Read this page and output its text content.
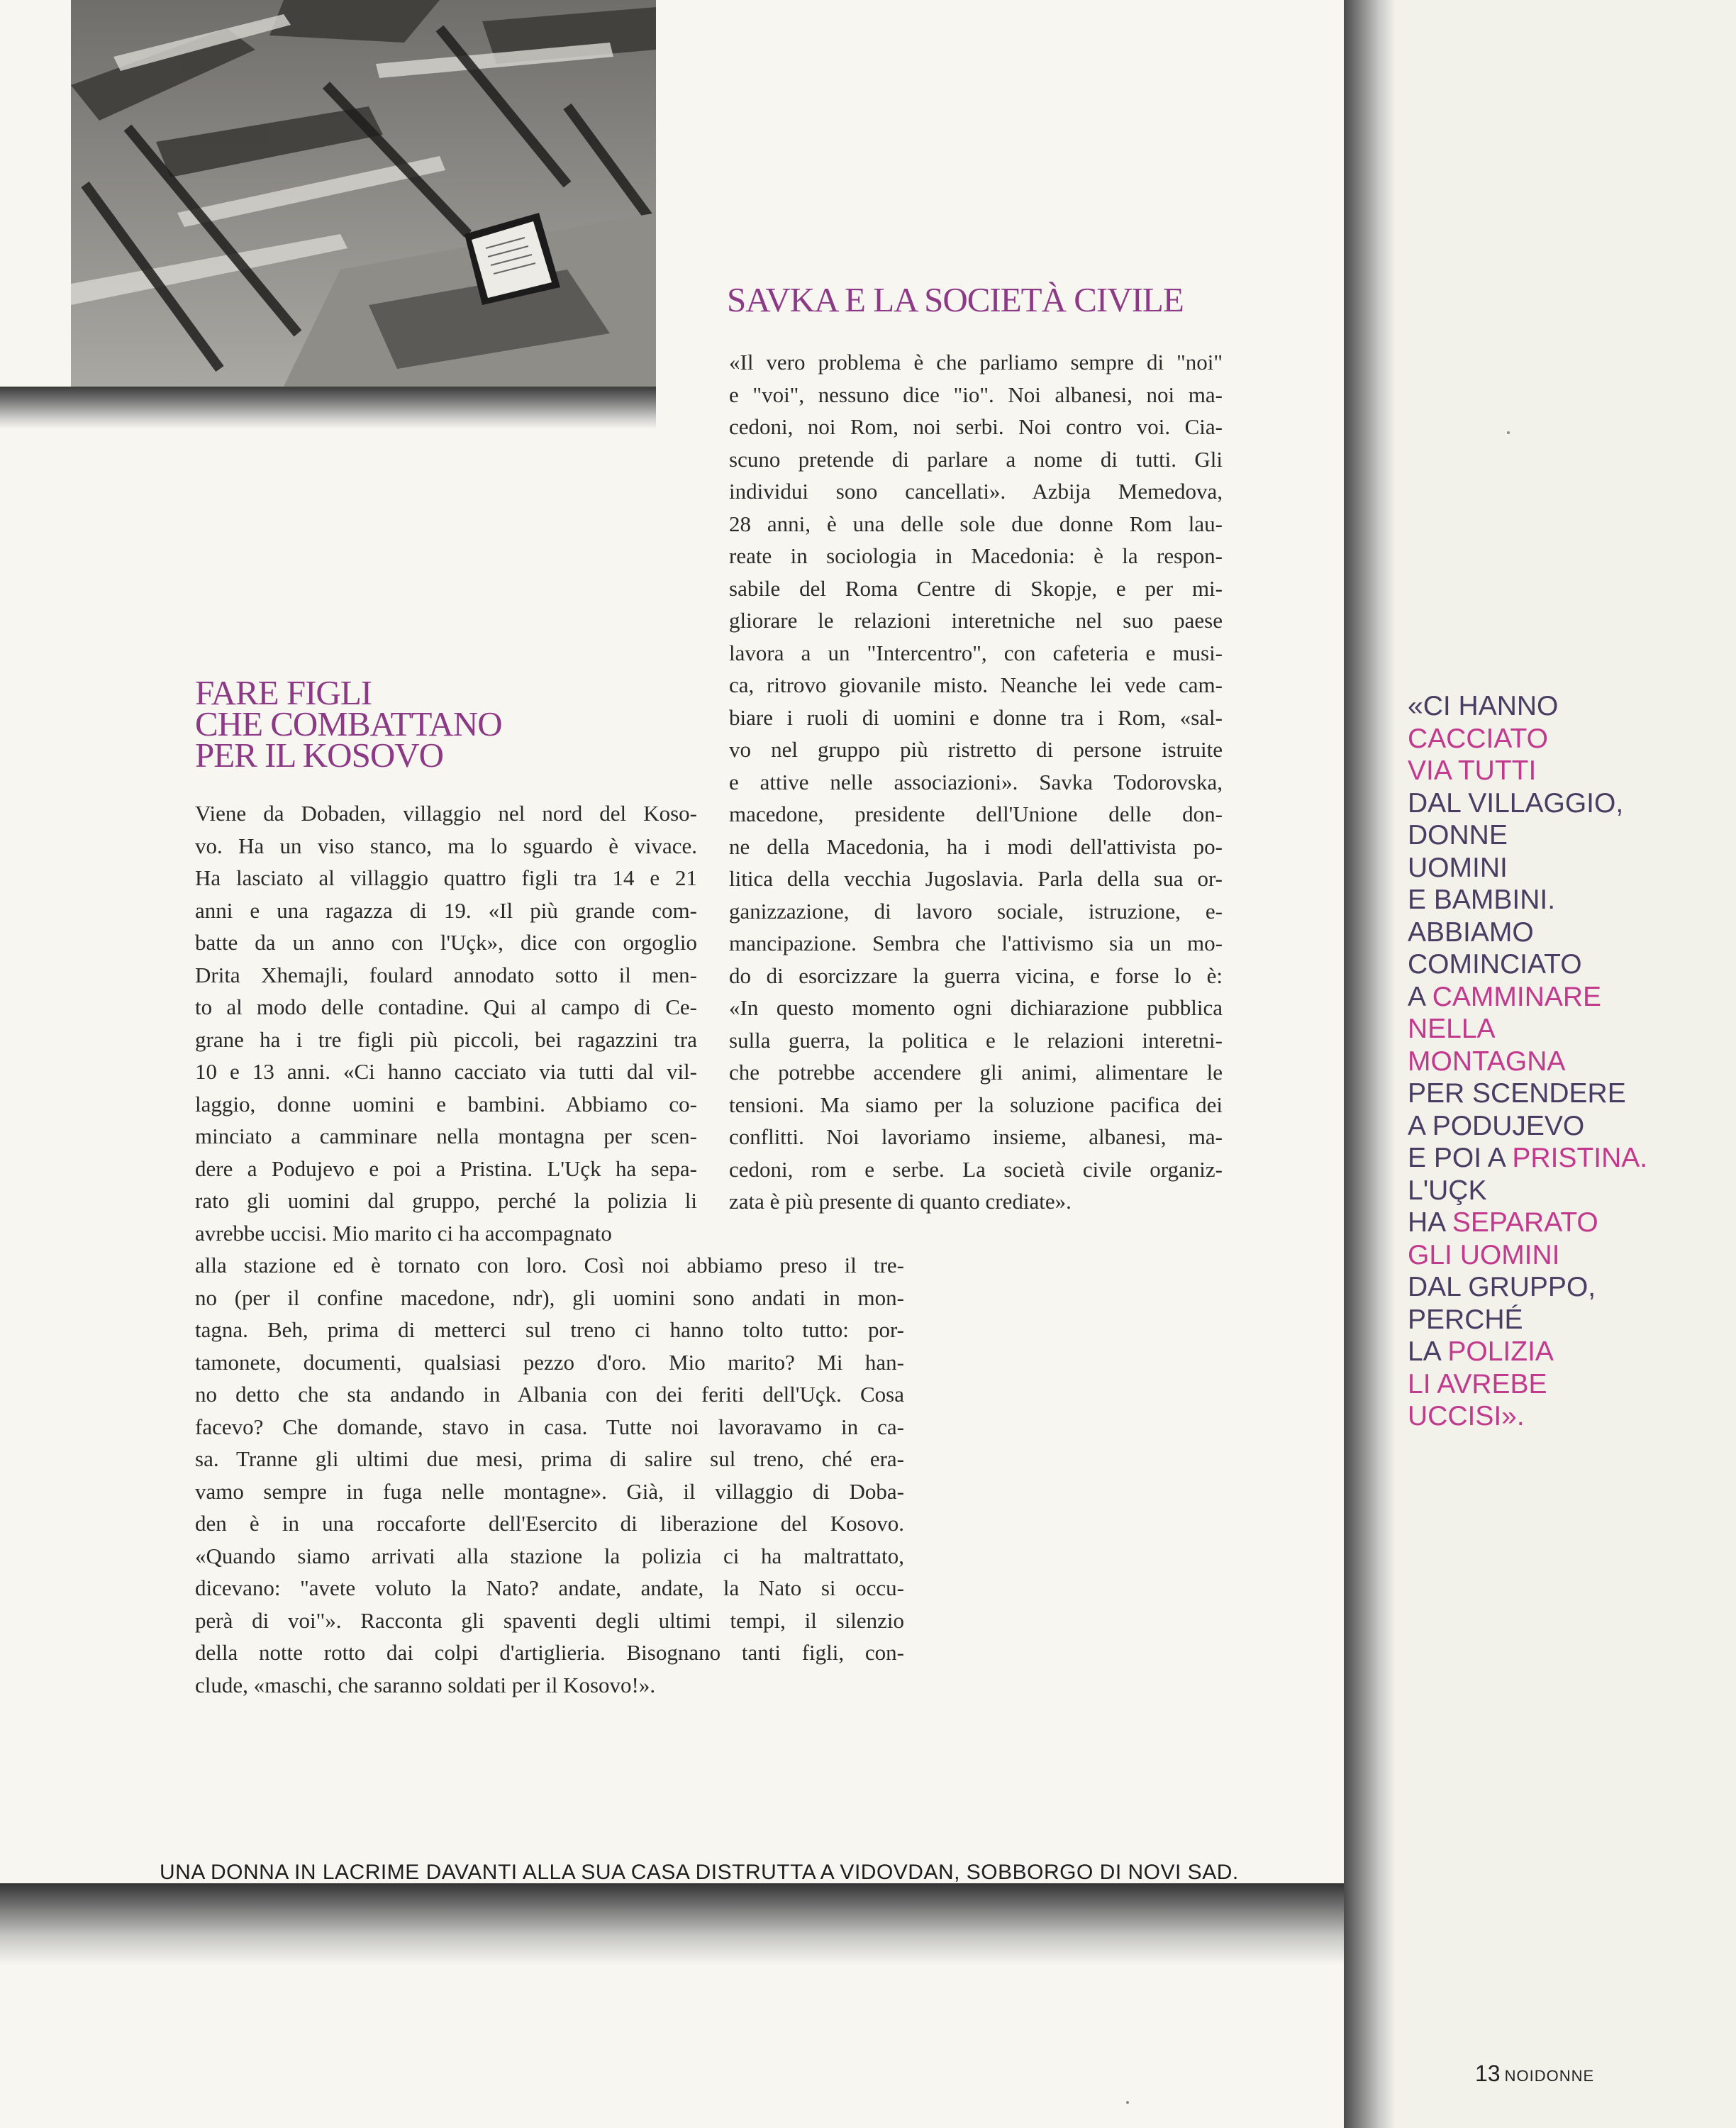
SAVKA E LA SOCIETÀ CIVILE

«Il vero problema è che parliamo sempre di "noi"

e "voi", nessuno dice "io". Noi albanesi, noi ma-

cedoni, noi Rom, noi serbi. Noi contro voi. Cia-

scuno pretende di parlare a nome di tutti. Gli

individui sono cancellati». Azbija Memedova,

28 anni, è una delle sole due donne Rom lau-

reate in sociologia in Macedonia: è la respon-

sabile del Roma Centre di Skopje, e per mi-

gliorare le relazioni interetniche nel suo paese

lavora a un "Intercentro", con cafeteria e musi-

ca, ritrovo giovanile misto. Neanche lei vede cam-

biare i ruoli di uomini e donne tra i Rom, «sal-

vo nel gruppo più ristretto di persone istruite

e attive nelle associazioni». Savka Todorovska,

macedone, presidente dell'Unione delle don-

ne della Macedonia, ha i modi dell'attivista po-

litica della vecchia Jugoslavia. Parla della sua or-

ganizzazione, di lavoro sociale, istruzione, e-

mancipazione. Sembra che l'attivismo sia un mo-

do di esorcizzare la guerra vicina, e forse lo è:

«In questo momento ogni dichiarazione pubblica

sulla guerra, la politica e le relazioni interetni-

che potrebbe accendere gli animi, alimentare le

tensioni. Ma siamo per la soluzione pacifica dei

conflitti. Noi lavoriamo insieme, albanesi, ma-

cedoni, rom e serbe. La società civile organiz-

zata è più presente di quanto crediate».

FARE FIGLI
CHE COMBATTANO
PER IL KOSOVO

Viene da Dobaden, villaggio nel nord del Koso-

vo. Ha un viso stanco, ma lo sguardo è vivace.

Ha lasciato al villaggio quattro figli tra 14 e 21

anni e una ragazza di 19. «Il più grande com-

batte da un anno con l'Uçk», dice con orgoglio

Drita Xhemajli, foulard annodato sotto il men-

to al modo delle contadine. Qui al campo di Ce-

grane ha i tre figli più piccoli, bei ragazzini tra

10 e 13 anni. «Ci hanno cacciato via tutti dal vil-

laggio, donne uomini e bambini. Abbiamo co-

minciato a camminare nella montagna per scen-

dere a Podujevo e poi a Pristina. L'Uçk ha sepa-

rato gli uomini dal gruppo, perché la polizia li

avrebbe uccisi. Mio marito ci ha accompagnato

alla stazione ed è tornato con loro. Così noi abbiamo preso il tre-

no (per il confine macedone, ndr), gli uomini sono andati in mon-

tagna. Beh, prima di metterci sul treno ci hanno tolto tutto: por-

tamonete, documenti, qualsiasi pezzo d'oro. Mio marito? Mi han-

no detto che sta andando in Albania con dei feriti dell'Uçk. Cosa

facevo? Che domande, stavo in casa. Tutte noi lavoravamo in ca-

sa. Tranne gli ultimi due mesi, prima di salire sul treno, ché era-

vamo sempre in fuga nelle montagne». Già, il villaggio di Doba-

den è in una roccaforte dell'Esercito di liberazione del Kosovo.

«Quando siamo arrivati alla stazione la polizia ci ha maltrattato,

dicevano: "avete voluto la Nato? andate, andate, la Nato si occu-

perà di voi"». Racconta gli spaventi degli ultimi tempi, il silenzio

della notte rotto dai colpi d'artiglieria. Bisognano tanti figli, con-

clude, «maschi, che saranno soldati per il Kosovo!».

«CI HANNO
CACCIATO
VIA TUTTI
DAL VILLAGGIO,
DONNE
UOMINI
E BAMBINI.
ABBIAMO
COMINCIATO
A CAMMINARE
NELLA
MONTAGNA
PER SCENDERE
A PODUJEVO
E POI A PRISTINA.
L'UÇK
HA SEPARATO
GLI UOMINI
DAL GRUPPO,
PERCHÉ
LA POLIZIA
LI AVREBE
UCCISI».
UNA DONNA IN LACRIME DAVANTI ALLA SUA CASA DISTRUTTA A VIDOVDAN, SOBBORGO DI NOVI SAD.
13 NOIDONNE
